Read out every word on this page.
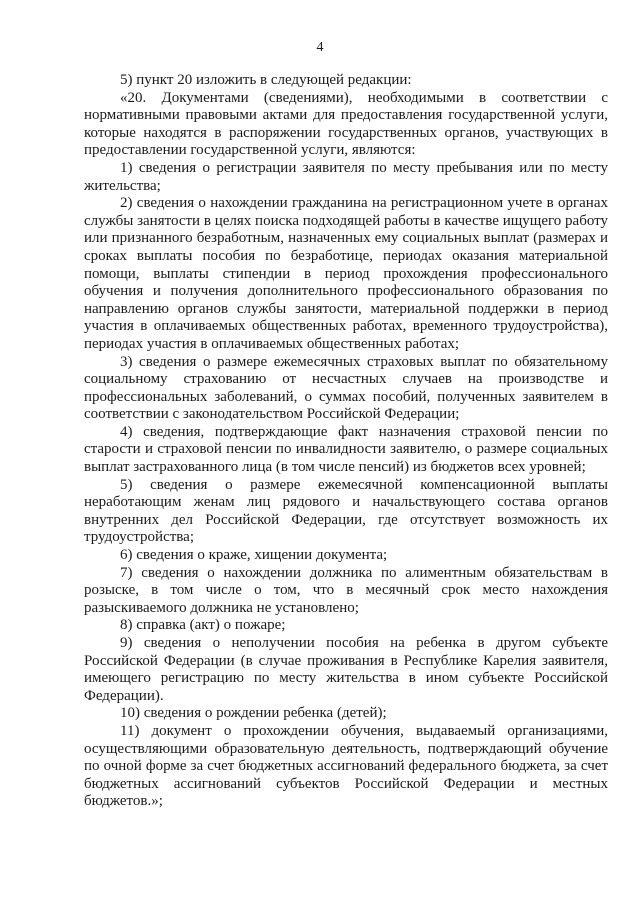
4

5) пункт 20 изложить в следующей редакции:

«20. Документами (сведениями), необходимыми в соответствии с нормативными правовыми актами для предоставления государственной услуги, которые находятся в распоряжении государственных органов, участвующих в предоставлении государственной услуги, являются:

1) сведения о регистрации заявителя по месту пребывания или по месту жительства;

2) сведения о нахождении гражданина на регистрационном учете в органах службы занятости в целях поиска подходящей работы в качестве ищущего работу или признанного безработным, назначенных ему социальных выплат (размерах и сроках выплаты пособия по безработице, периодах оказания материальной помощи, выплаты стипендии в период прохождения профессионального обучения и получения дополнительного профессионального образования по направлению органов службы занятости, материальной поддержки в период участия в оплачиваемых общественных работах, временного трудоустройства), периодах участия в оплачиваемых общественных работах;

3) сведения о размере ежемесячных страховых выплат по обязательному социальному страхованию от несчастных случаев на производстве и профессиональных заболеваний, о суммах пособий, полученных заявителем в соответствии с законодательством Российской Федерации;

4) сведения, подтверждающие факт назначения страховой пенсии по старости и страховой пенсии по инвалидности заявителю, о размере социальных выплат застрахованного лица (в том числе пенсий) из бюджетов всех уровней;

5) сведения о размере ежемесячной компенсационной выплаты неработающим женам лиц рядового и начальствующего состава органов внутренних дел Российской Федерации, где отсутствует возможность их трудоустройства;

6) сведения о краже, хищении документа;

7) сведения о нахождении должника по алиментным обязательствам в розыске, в том числе о том, что в месячный срок место нахождения разыскиваемого должника не установлено;

8) справка (акт) о пожаре;

9) сведения о неполучении пособия на ребенка в другом субъекте Российской Федерации (в случае проживания в Республике Карелия заявителя, имеющего регистрацию по месту жительства в ином субъекте Российской Федерации).

10) сведения о рождении ребенка (детей);

11) документ о прохождении обучения, выдаваемый организациями, осуществляющими образовательную деятельность, подтверждающий обучение по очной форме за счет бюджетных ассигнований федерального бюджета, за счет бюджетных ассигнований субъектов Российской Федерации и местных бюджетов.»;
